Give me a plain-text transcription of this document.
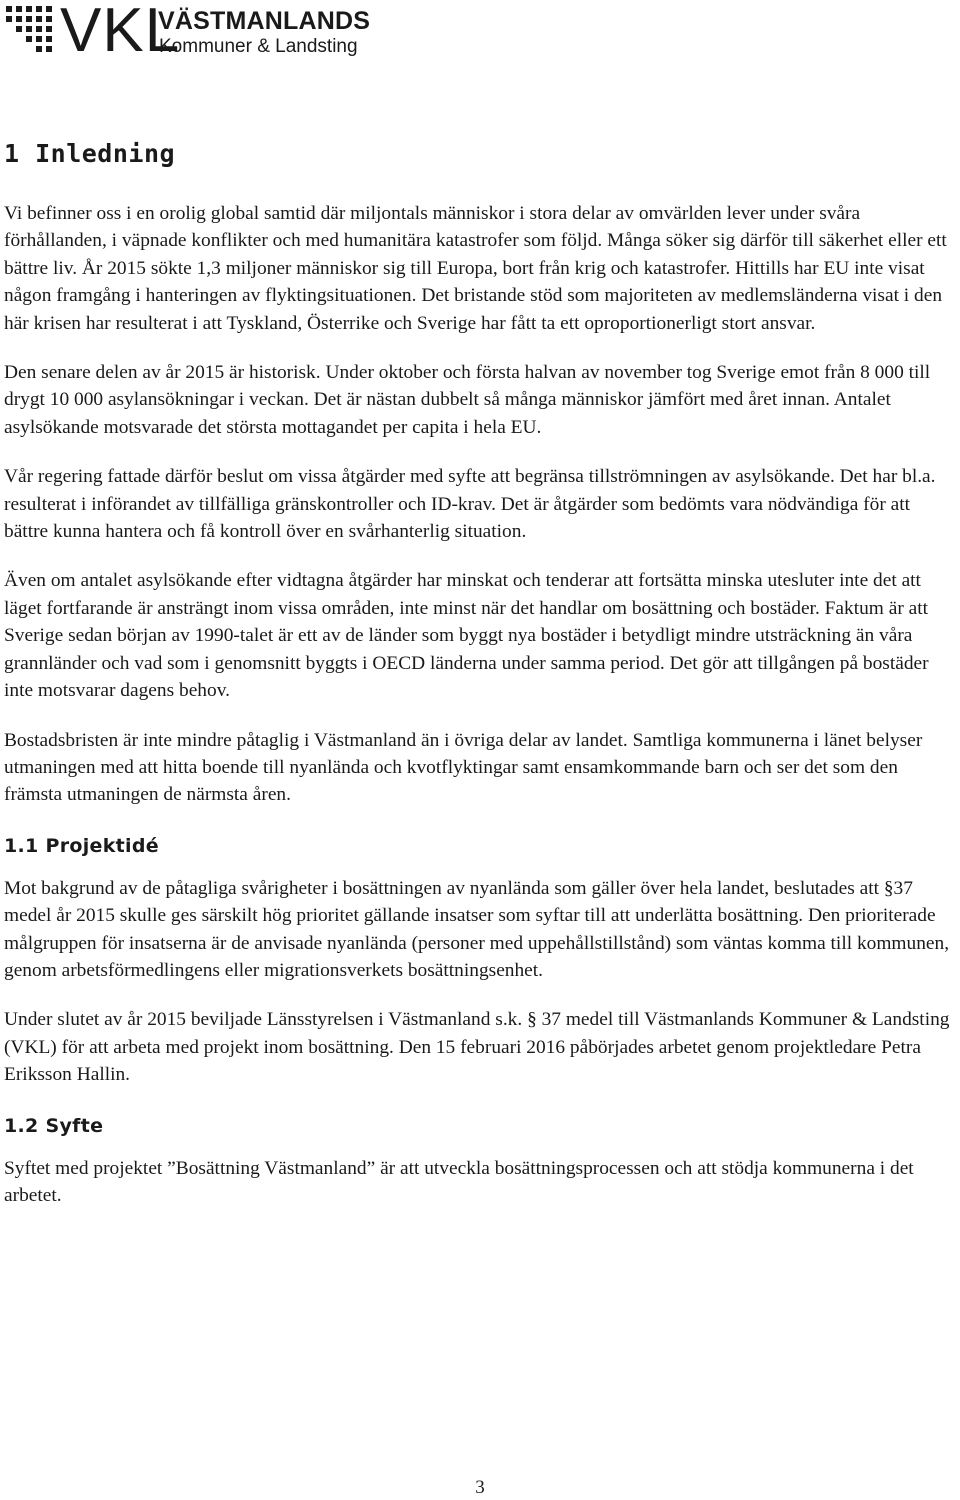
VKL
VÄSTMANLANDS
Kommuner & Landsting
1 Inledning

Vi befinner oss i en orolig global samtid där miljontals människor i stora delar av omvärlden lever under svåra förhållanden, i väpnade konflikter och med humanitära katastrofer som följd. Många söker sig därför till säkerhet eller ett bättre liv. År 2015 sökte 1,3 miljoner människor sig till Europa, bort från krig och katastrofer. Hittills har EU inte visat någon framgång i hanteringen av flyktingsituationen. Det bristande stöd som majoriteten av medlemsländerna visat i den här krisen har resulterat i att Tyskland, Österrike och Sverige har fått ta ett oproportionerligt stort ansvar.

Den senare delen av år 2015 är historisk. Under oktober och första halvan av november tog Sverige emot från 8 000 till drygt 10 000 asylansökningar i veckan. Det är nästan dubbelt så många människor jämfört med året innan. Antalet asylsökande motsvarade det största mottagandet per capita i hela EU.

Vår regering fattade därför beslut om vissa åtgärder med syfte att begränsa tillströmningen av asylsökande. Det har bl.a. resulterat i införandet av tillfälliga gränskontroller och ID-krav. Det är åtgärder som bedömts vara nödvändiga för att bättre kunna hantera och få kontroll över en svårhanterlig situation.

Även om antalet asylsökande efter vidtagna åtgärder har minskat och tenderar att fortsätta minska utesluter inte det att läget fortfarande är ansträngt inom vissa områden, inte minst när det handlar om bosättning och bostäder. Faktum är att Sverige sedan början av 1990-talet är ett av de länder som byggt nya bostäder i betydligt mindre utsträckning än våra grannländer och vad som i genomsnitt byggts i OECD länderna under samma period. Det gör att tillgången på bostäder inte motsvarar dagens behov.

Bostadsbristen är inte mindre påtaglig i Västmanland än i övriga delar av landet. Samtliga kommunerna i länet belyser utmaningen med att hitta boende till nyanlända och kvotflyktingar samt ensamkommande barn och ser det som den främsta utmaningen de närmsta åren.

1.1 Projektidé

Mot bakgrund av de påtagliga svårigheter i bosättningen av nyanlända som gäller över hela landet, beslutades att §37 medel år 2015 skulle ges särskilt hög prioritet gällande insatser som syftar till att underlätta bosättning. Den prioriterade målgruppen för insatserna är de anvisade nyanlända (personer med uppehållstillstånd) som väntas komma till kommunen, genom arbetsförmedlingens eller migrationsverkets bosättningsenhet.

Under slutet av år 2015 beviljade Länsstyrelsen i Västmanland s.k. § 37 medel till Västmanlands Kommuner & Landsting (VKL) för att arbeta med projekt inom bosättning. Den 15 februari 2016 påbörjades arbetet genom projektledare Petra Eriksson Hallin.

1.2 Syfte

Syftet med projektet ”Bosättning Västmanland” är att utveckla bosättningsprocessen och att stödja kommunerna i det arbetet.

3
